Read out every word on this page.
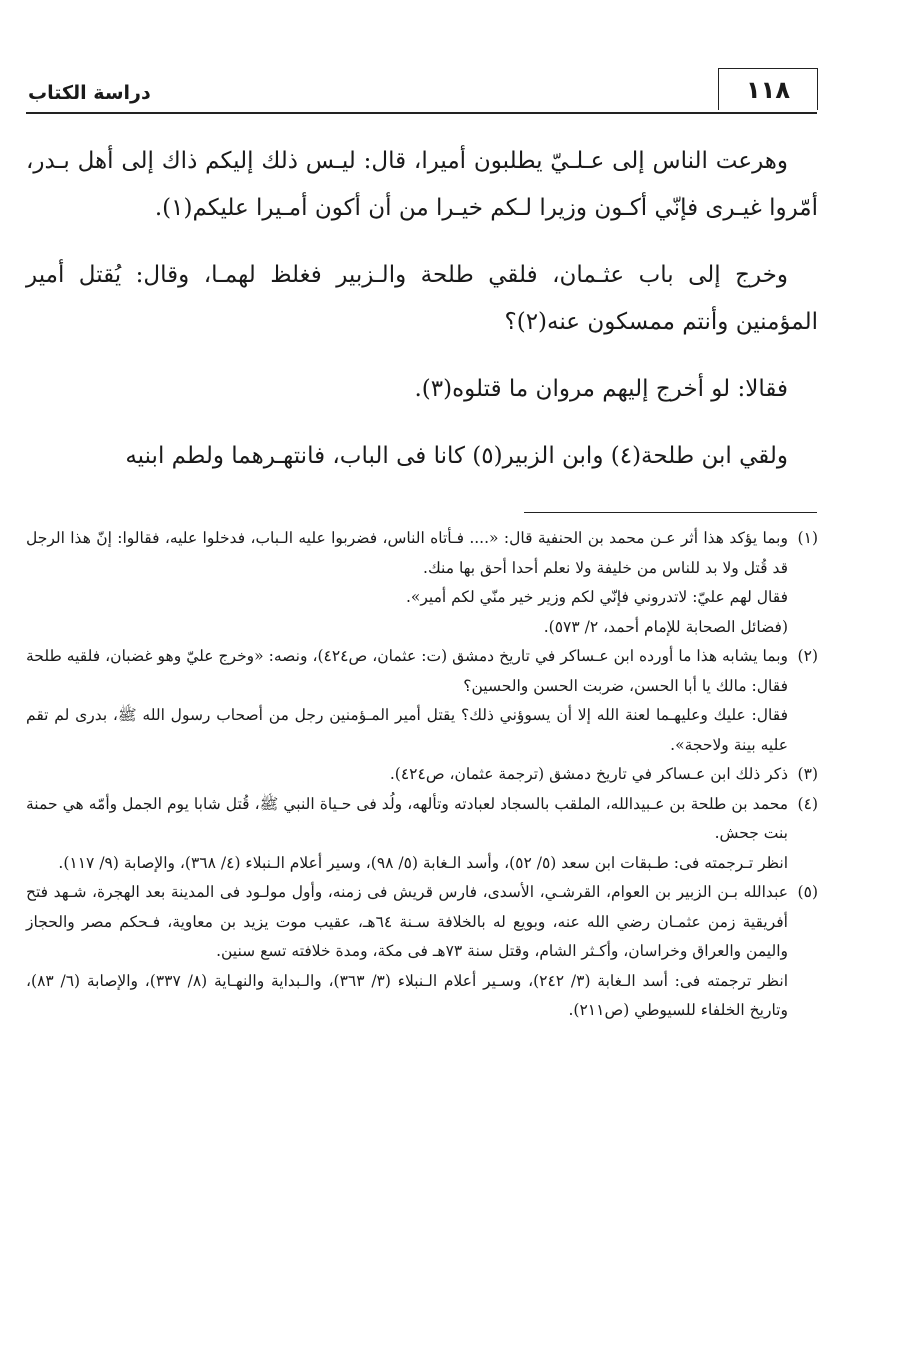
١١٨
دراسة الكتاب

وهرعت الناس إلى عـلـيّ يطلبون أميرا، قال: ليـس ذلك إليكم ذاك إلى أهل بـدر، أمّروا غيـرى فإنّي أكـون وزيرا لـكم خيـرا من أن أكون أمـيرا عليكم(١).

وخرج إلى باب عثـمان، فلقي طلحة والـزبير فغلظ لهمـا، وقال: يُقتل أمير المؤمنين وأنتم ممسكون عنه(٢)؟

فقالا: لو أخرج إليهم مروان ما قتلوه(٣).

ولقي ابن طلحة(٤) وابن الزبير(٥) كانا فى الباب، فانتهـرهما ولطم ابنيه

(١)
وبما يؤكد هذا أثر عـن محمد بن الحنفية قال: «.... فـأتاه الناس، فضربوا عليه الـباب، فدخلوا عليه، فقالوا: إنّ هذا الرجل قد قُتل ولا بد للناس من خليفة ولا نعلم أحدا أحق بها منك.
فقال لهم عليّ: لاتدروني فإنّي لكم وزير خير منّي لكم أمير».
(فضائل الصحابة للإمام أحمد، ٢/ ٥٧٣).
(٢)
وبما يشابه هذا ما أورده ابن عـساكر في تاريخ دمشق (ت: عثمان، ص٤٢٤)، ونصه: «وخرج عليّ وهو غضبان، فلقيه طلحة فقال: مالك يا أبا الحسن، ضربت الحسن والحسين؟
فقال: عليك وعليهـما لعنة الله إلا أن يسوؤني ذلك؟ يقتل أمير المـؤمنين رجل من أصحاب رسول الله ﷺ، بدرى لم تقم عليه بينة ولاحجة».
(٣)
ذكر ذلك ابن عـساكر في تاريخ دمشق (ترجمة عثمان، ص٤٢٤).
(٤)
محمد بن طلحة بن عـبيدالله، الملقب بالسجاد لعبادته وتألهه، ولُد فى حـياة النبي ﷺ، قُتل شابا يوم الجمل وأمّه هي حمنة بنت جحش.
انظر تـرجمته فى: طـبقات ابن سعد (٥/ ٥٢)، وأسد الـغابة (٥/ ٩٨)، وسير أعلام الـنبلاء (٤/ ٣٦٨)، والإصابة (٩/ ١١٧).
(٥)
عبدالله بـن الزبير بن العوام، القرشـي، الأسدى، فارس قريش فى زمنه، وأول مولـود فى المدينة بعد الهجرة، شـهد فتح أفريقية زمن عثمـان رضي الله عنه، وبويع له بالخلافة سـنة ٦٤هـ، عقيب موت يزيد بن معاوية، فـحكم مصر والحجاز واليمن والعراق وخراسان، وأكـثر الشام، وقتل سنة ٧٣هـ فى مكة، ومدة خلافته تسع سنين.
انظر ترجمته فى: أسد الـغابة (٣/ ٢٤٢)، وسـير أعلام الـنبلاء (٣/ ٣٦٣)، والـبداية والنهـاية (٨/ ٣٣٧)، والإصابة (٦/ ٨٣)، وتاريخ الخلفاء للسيوطي (ص٢١١).
